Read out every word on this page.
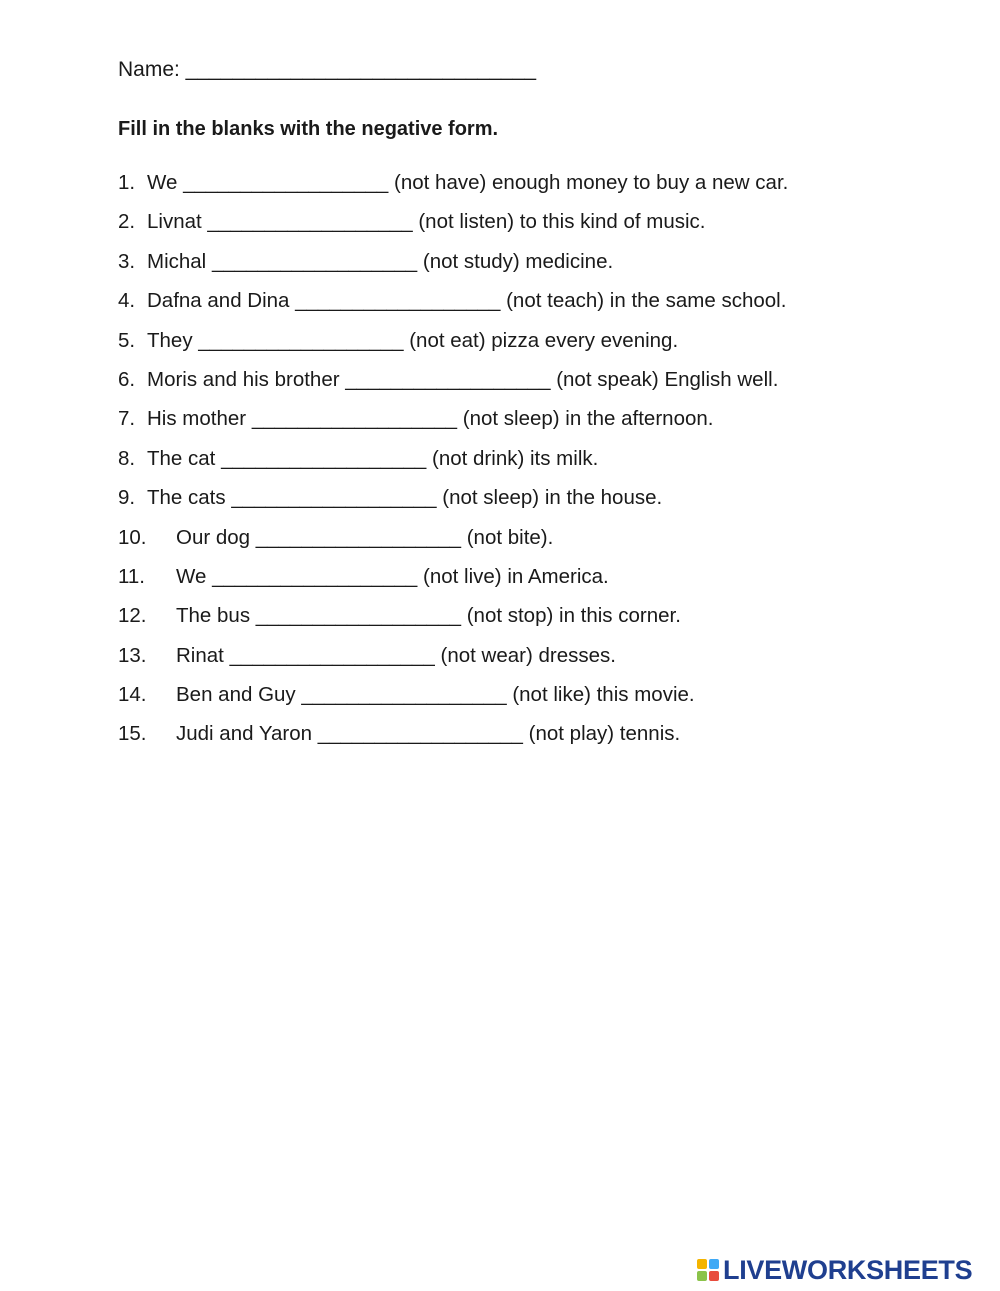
Name: ______________________________
Fill in the blanks with the negative form.
1. We __________________ (not have) enough money to buy a new car.
2. Livnat __________________ (not listen) to this kind of music.
3. Michal __________________ (not study) medicine.
4. Dafna and Dina __________________ (not teach) in the same school.
5. They __________________ (not eat) pizza every evening.
6. Moris and his brother __________________ (not speak) English well.
7. His mother __________________ (not sleep) in the afternoon.
8. The cat __________________ (not drink) its milk.
9. The cats __________________ (not sleep) in the house.
10. Our dog __________________ (not bite).
11. We __________________ (not live) in America.
12. The bus __________________ (not stop) in this corner.
13. Rinat __________________ (not wear) dresses.
14. Ben and Guy __________________ (not like) this movie.
15. Judi and Yaron __________________ (not play) tennis.
LIVEWORKSHEETS
